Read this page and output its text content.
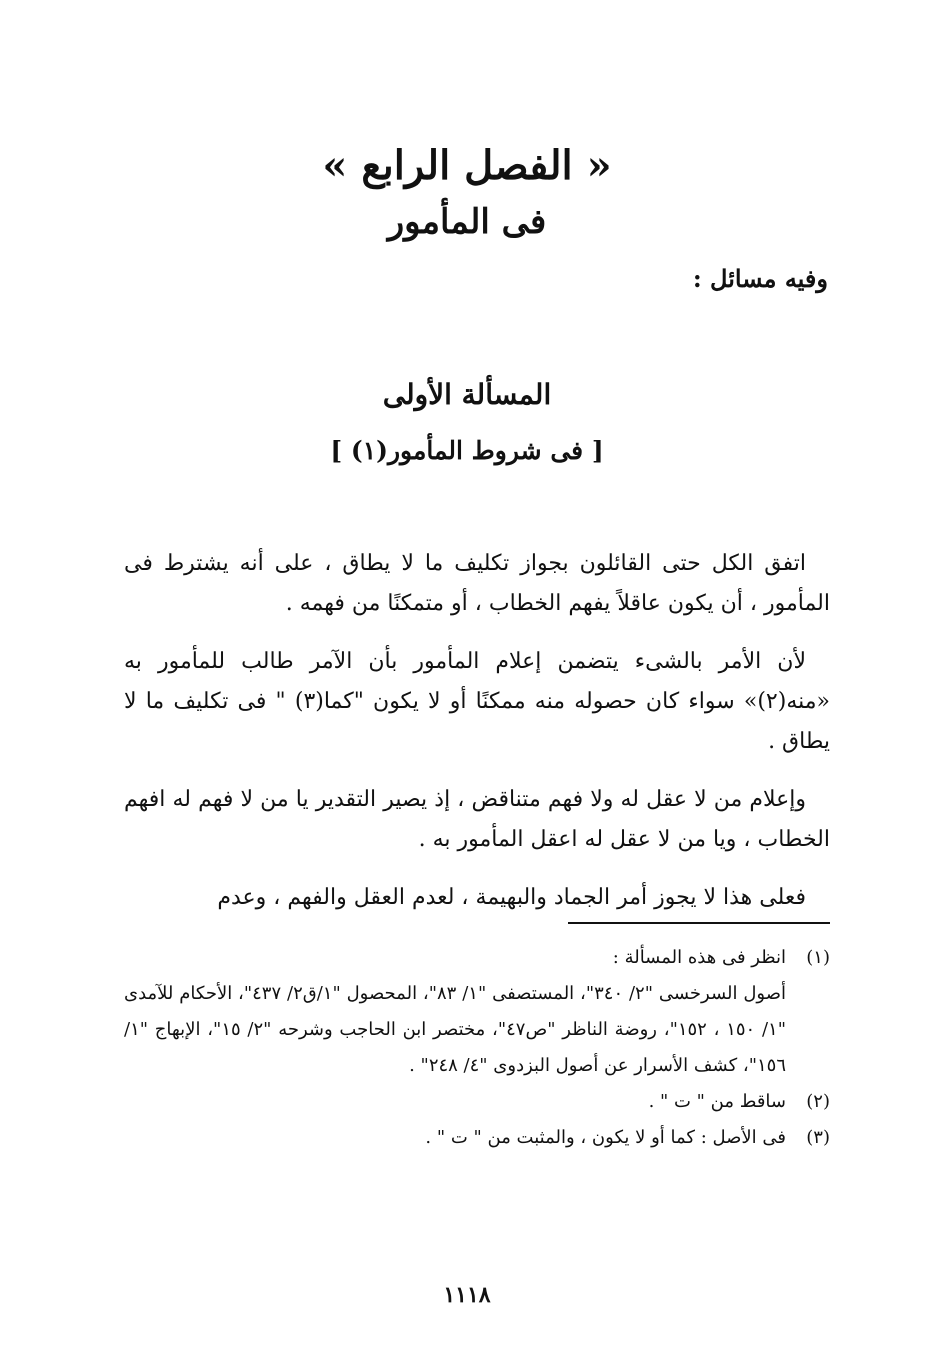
« الفصل الرابع »
فى المأمور
وفيه مسائل :
المسألة الأولى
[ فى شروط المأمور(١) ]

اتفق الكل حتى القائلون بجواز تكليف ما لا يطاق ، على أنه يشترط فى المأمور ، أن يكون عاقلاً يفهم الخطاب ، أو متمكنًا من فهمه .

لأن الأمر بالشىء يتضمن إعلام المأمور بأن الآمر طالب للمأمور به «منه(٢)» سواء كان حصوله منه ممكنًا أو لا يكون "كما(٣) " فى تكليف ما لا يطاق .

وإعلام من لا عقل له ولا فهم متناقض ، إذ يصير التقدير يا من لا فهم له افهم الخطاب ، ويا من لا عقل له اعقل المأمور به .

فعلى هذا لا يجوز أمر الجماد والبهيمة ، لعدم العقل والفهم ، وعدم

(١)
انظر فى هذه المسألة :
أصول السرخسى "٢/ ٣٤٠"، المستصفى "١/ ٨٣"، المحصول "١/ق٢/ ٤٣٧"، الأحكام للآمدى "١/ ١٥٠ ، ١٥٢"، روضة الناظر "ص٤٧"، مختصر ابن الحاجب وشرحه "٢/ ١٥"، الإبهاج "١/ ١٥٦"، كشف الأسرار عن أصول البزدوى "٤/ ٢٤٨" .
(٢)
ساقط من " ت " .
(٣)
فى الأصل : كما أو لا يكون ، والمثبت من " ت " .
١١١٨
